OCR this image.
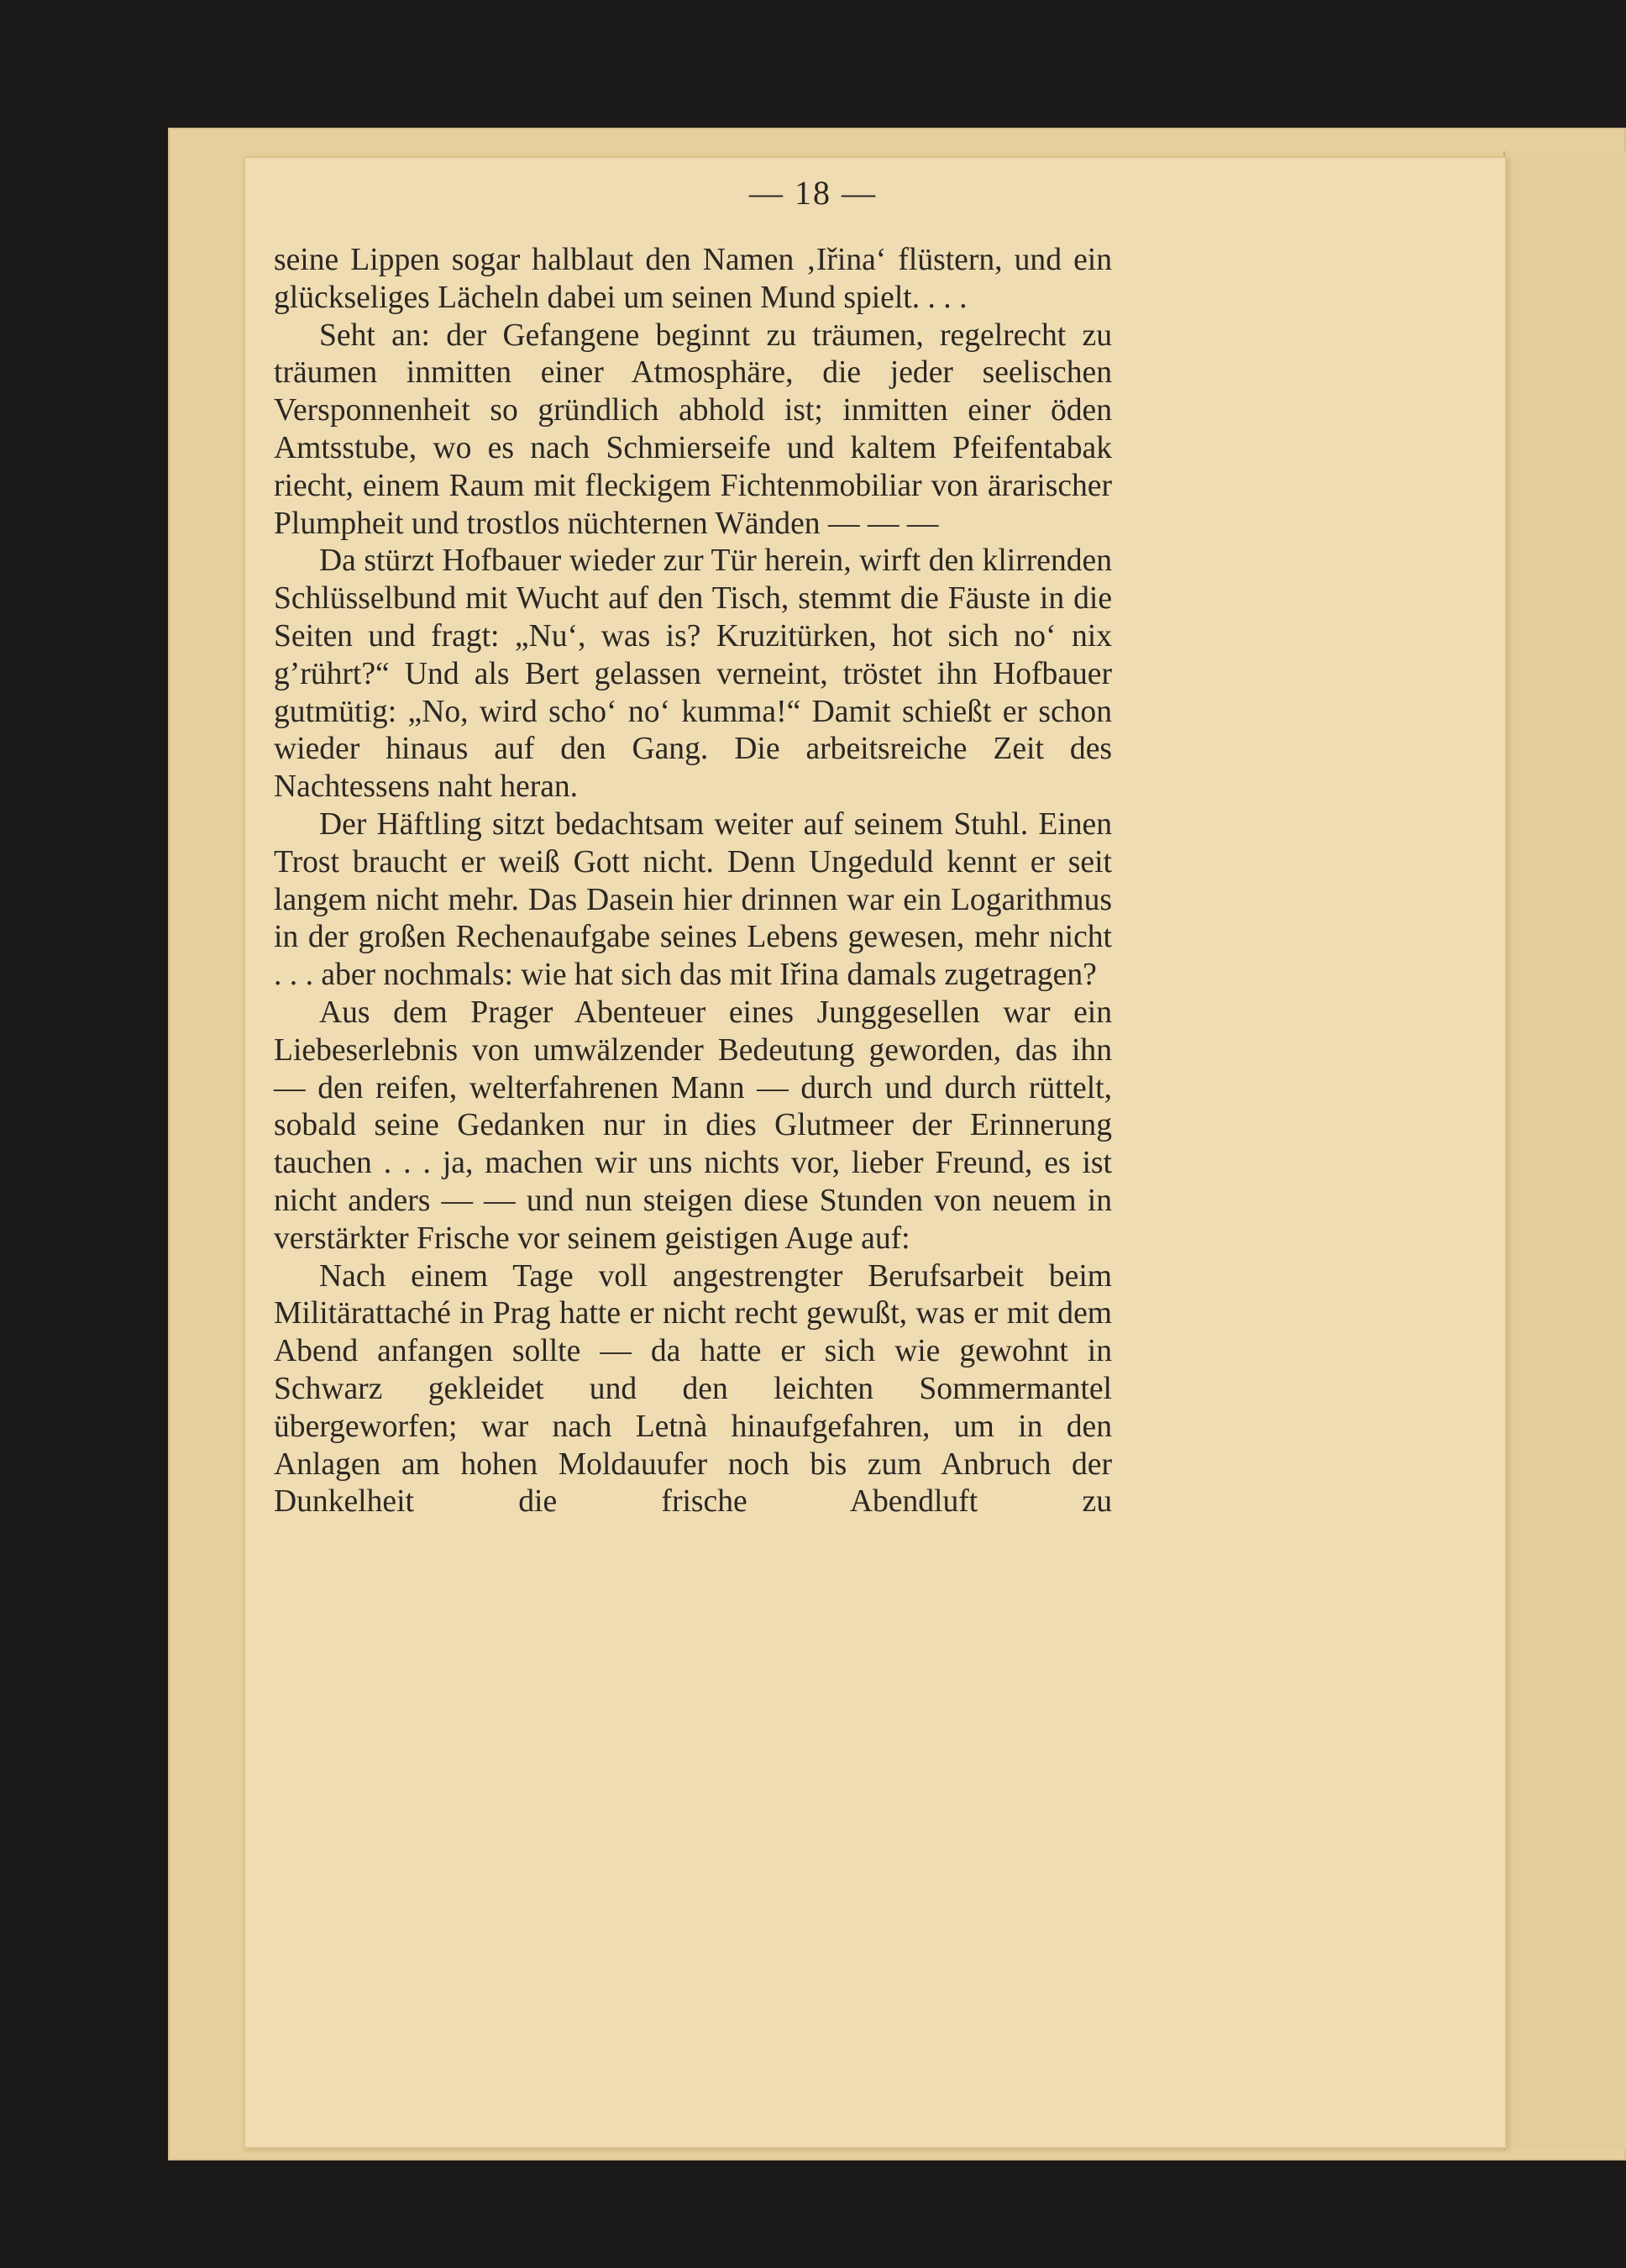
— 18 —

seine Lippen sogar halblaut den Namen ‚Iřina‘ flüstern, und ein glückseliges Lächeln dabei um seinen Mund spielt. . . .

Seht an: der Gefangene beginnt zu träumen, regelrecht zu träumen inmitten einer Atmosphäre, die jeder seelischen Versponnenheit so gründlich abhold ist; inmitten einer öden Amtsstube, wo es nach Schmierseife und kaltem Pfeifentabak riecht, einem Raum mit fleckigem Fichtenmobiliar von ärarischer Plumpheit und trostlos nüchternen Wänden — — —

Da stürzt Hofbauer wieder zur Tür herein, wirft den klirrenden Schlüsselbund mit Wucht auf den Tisch, stemmt die Fäuste in die Seiten und fragt: „Nu‘, was is? Kruzitürken, hot sich no‘ nix g’rührt?“ Und als Bert gelassen verneint, tröstet ihn Hofbauer gutmütig: „No, wird scho‘ no‘ kumma!“ Damit schießt er schon wieder hinaus auf den Gang. Die arbeitsreiche Zeit des Nachtessens naht heran.

Der Häftling sitzt bedachtsam weiter auf seinem Stuhl. Einen Trost braucht er weiß Gott nicht. Denn Ungeduld kennt er seit langem nicht mehr. Das Dasein hier drinnen war ein Logarithmus in der großen Rechenaufgabe seines Lebens gewesen, mehr nicht . . . aber nochmals: wie hat sich das mit Iřina damals zugetragen?

Aus dem Prager Abenteuer eines Junggesellen war ein Liebeserlebnis von umwälzender Bedeutung geworden, das ihn — den reifen, welterfahrenen Mann — durch und durch rüttelt, sobald seine Gedanken nur in dies Glutmeer der Erinnerung tauchen . . . ja, machen wir uns nichts vor, lieber Freund, es ist nicht anders — — und nun steigen diese Stunden von neuem in verstärkter Frische vor seinem geistigen Auge auf:

Nach einem Tage voll angestrengter Berufsarbeit beim Militärattaché in Prag hatte er nicht recht gewußt, was er mit dem Abend anfangen sollte — da hatte er sich wie gewohnt in Schwarz gekleidet und den leichten Sommermantel übergeworfen; war nach Letnà hinaufgefahren, um in den Anlagen am hohen Moldauufer noch bis zum Anbruch der Dunkelheit die frische Abendluft zu
